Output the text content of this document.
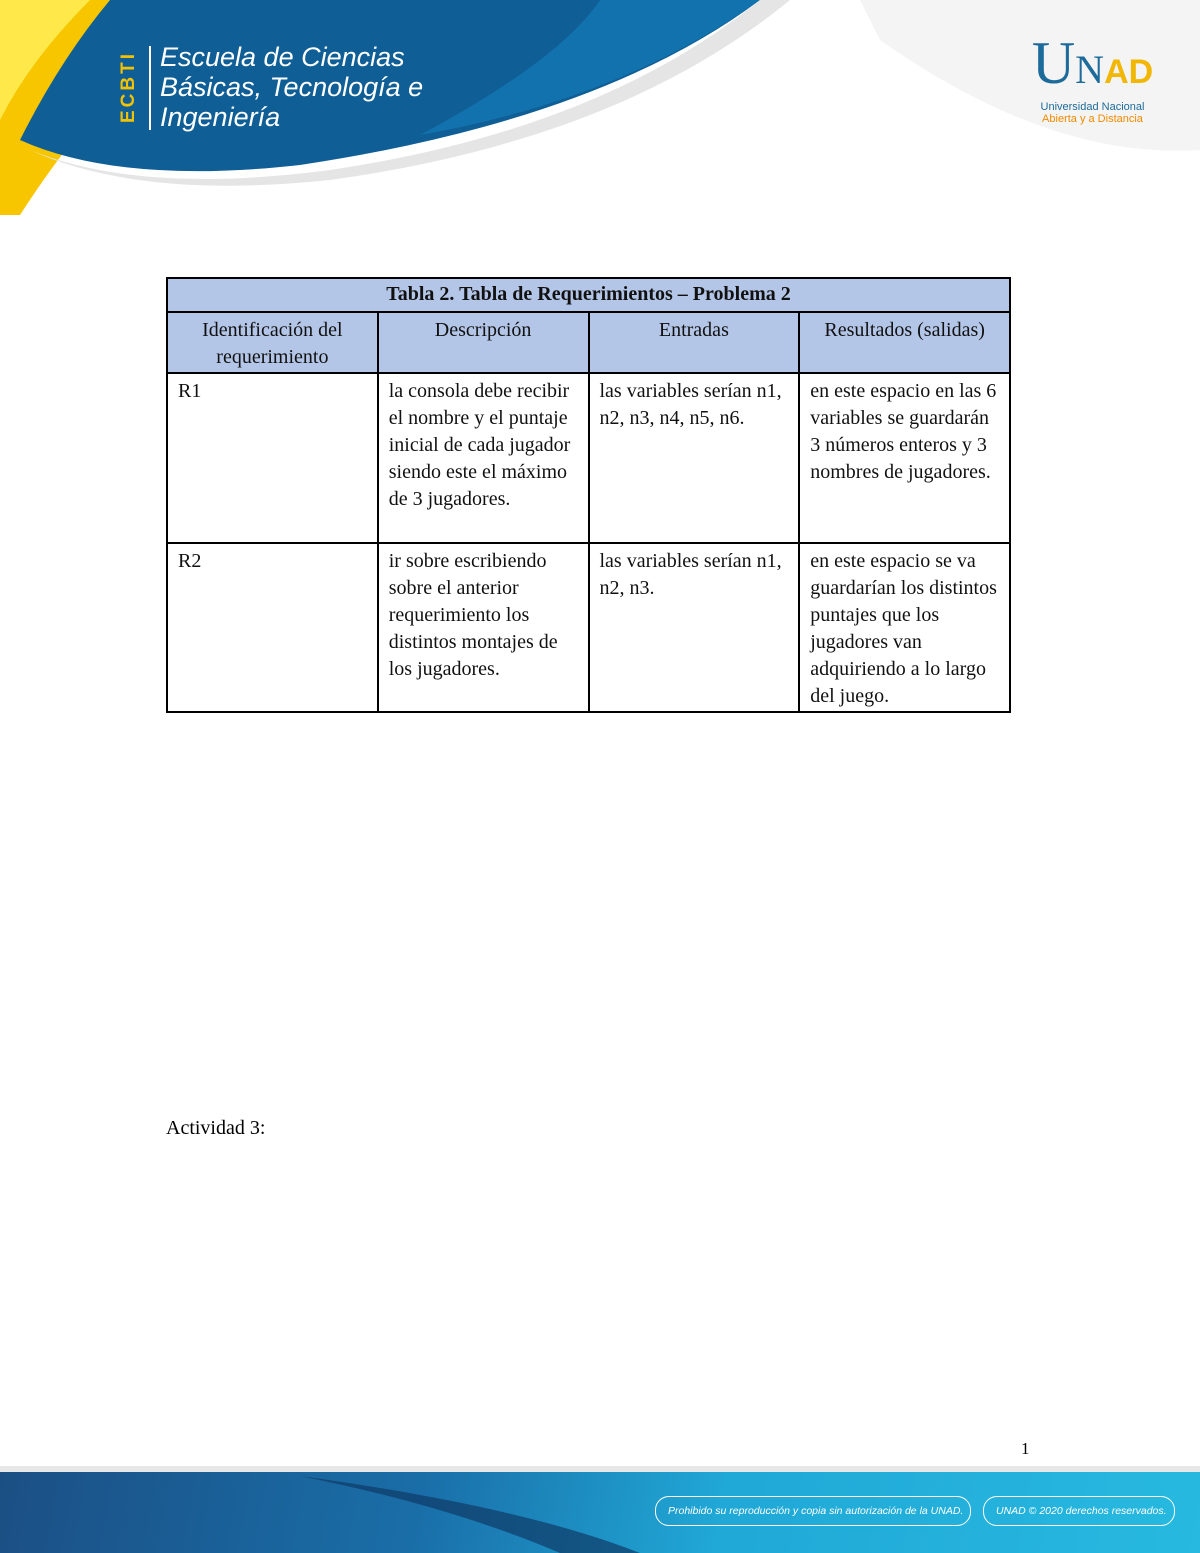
ECBTI Escuela de Ciencias
Básicas, Tecnología e
Ingeniería
UNAD
Universidad Nacional
Abierta y a Distancia
Tabla 2. Tabla de Requerimientos – Problema 2			
Identificación del requerimiento	Descripción	Entradas	Resultados (salidas)
R1	la consola debe recibir el nombre y el puntaje inicial de cada jugador siendo este el máximo de 3 jugadores.	las variables serían n1, n2, n3, n4, n5, n6.	en este espacio en las 6 variables se guardarán 3 números enteros y 3 nombres de jugadores.
R2	ir sobre escribiendo sobre el anterior requerimiento los distintos montajes de los jugadores.	las variables serían n1, n2, n3.	en este espacio se va guardarían los distintos puntajes que los jugadores van adquiriendo a lo largo del juego.
Actividad 3:
1
Prohibido su reproducción y copia sin autorización de la UNAD.	UNAD © 2020 derechos reservados.
